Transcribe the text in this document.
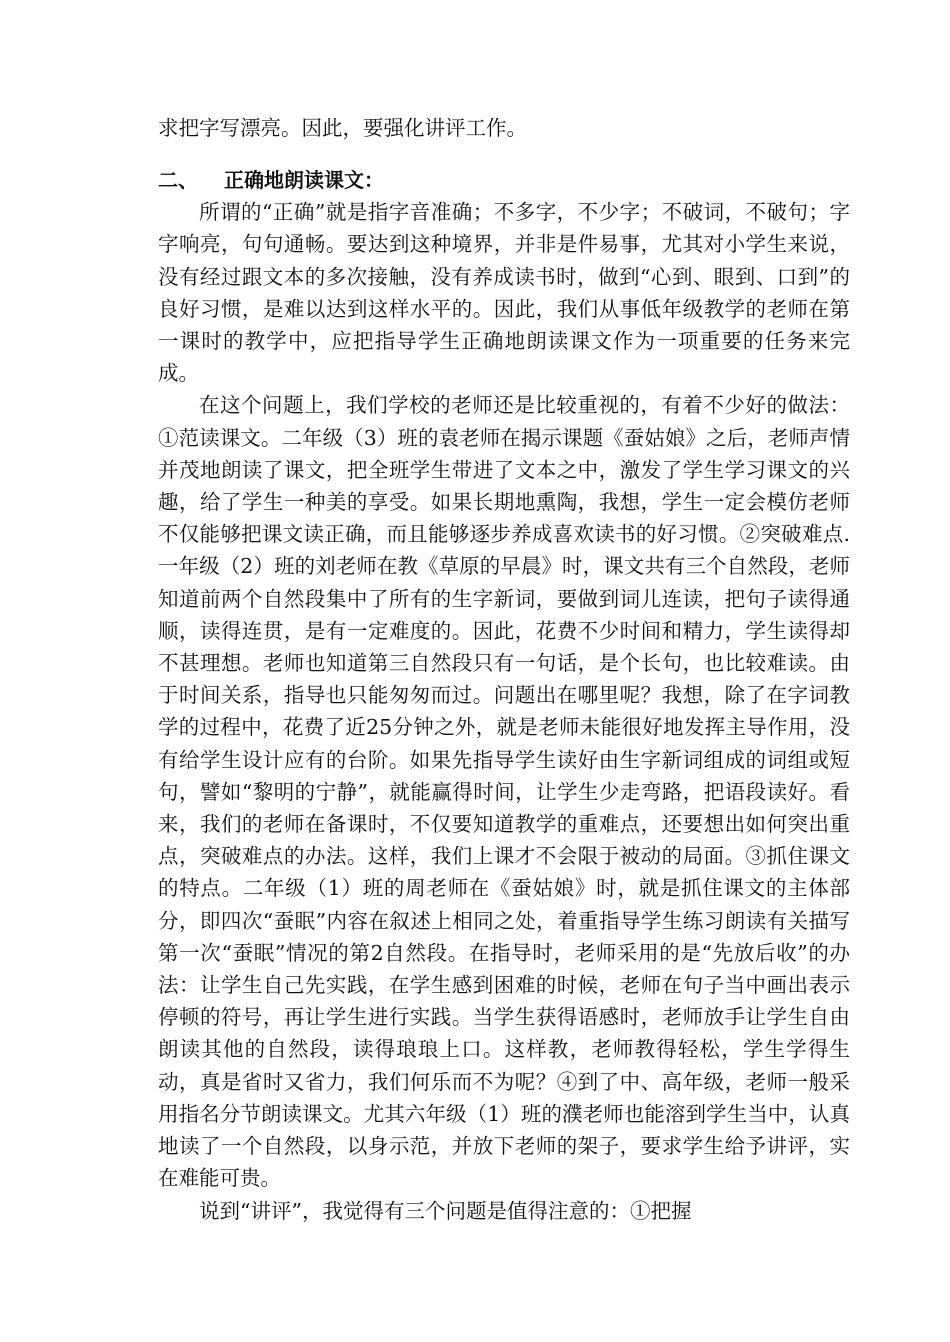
求把字写漂亮。因此，要强化讲评工作。

二、 正确地朗读课文：

所谓的“正确”就是指字音准确；不多字，不少字；不破词，不破句；字字响亮，句句通畅。要达到这种境界，并非是件易事，尤其对小学生来说，没有经过跟文本的多次接触，没有养成读书时，做到“心到、眼到、口到”的良好习惯，是难以达到这样水平的。因此，我们从事低年级教学的老师在第一课时的教学中，应把指导学生正确地朗读课文作为一项重要的任务来完成。

在这个问题上，我们学校的老师还是比较重视的，有着不少好的做法：①范读课文。二年级（3）班的袁老师在揭示课题《蚕姑娘》之后，老师声情并茂地朗读了课文，把全班学生带进了文本之中，激发了学生学习课文的兴趣，给了学生一种美的享受。如果长期地熏陶，我想，学生一定会模仿老师不仅能够把课文读正确，而且能够逐步养成喜欢读书的好习惯。②突破难点.一年级（2）班的刘老师在教《草原的早晨》时，课文共有三个自然段，老师知道前两个自然段集中了所有的生字新词，要做到词儿连读，把句子读得通顺，读得连贯，是有一定难度的。因此，花费不少时间和精力，学生读得却不甚理想。老师也知道第三自然段只有一句话，是个长句，也比较难读。由于时间关系，指导也只能匆匆而过。问题出在哪里呢？我想，除了在字词教学的过程中，花费了近25分钟之外，就是老师未能很好地发挥主导作用，没有给学生设计应有的台阶。如果先指导学生读好由生字新词组成的词组或短句，譬如“黎明的宁静”，就能赢得时间，让学生少走弯路，把语段读好。看来，我们的老师在备课时，不仅要知道教学的重难点，还要想出如何突出重点，突破难点的办法。这样，我们上课才不会限于被动的局面。③抓住课文的特点。二年级（1）班的周老师在《蚕姑娘》时，就是抓住课文的主体部分，即四次“蚕眠”内容在叙述上相同之处，着重指导学生练习朗读有关描写第一次“蚕眠”情况的第2自然段。在指导时，老师采用的是“先放后收”的办法：让学生自己先实践，在学生感到困难的时候，老师在句子当中画出表示停顿的符号，再让学生进行实践。当学生获得语感时，老师放手让学生自由朗读其他的自然段，读得琅琅上口。这样教，老师教得轻松，学生学得生动，真是省时又省力，我们何乐而不为呢？④到了中、高年级，老师一般采用指名分节朗读课文。尤其六年级（1）班的濮老师也能溶到学生当中，认真地读了一个自然段，以身示范，并放下老师的架子，要求学生给予讲评，实在难能可贵。

说到“讲评”，我觉得有三个问题是值得注意的：①把握
